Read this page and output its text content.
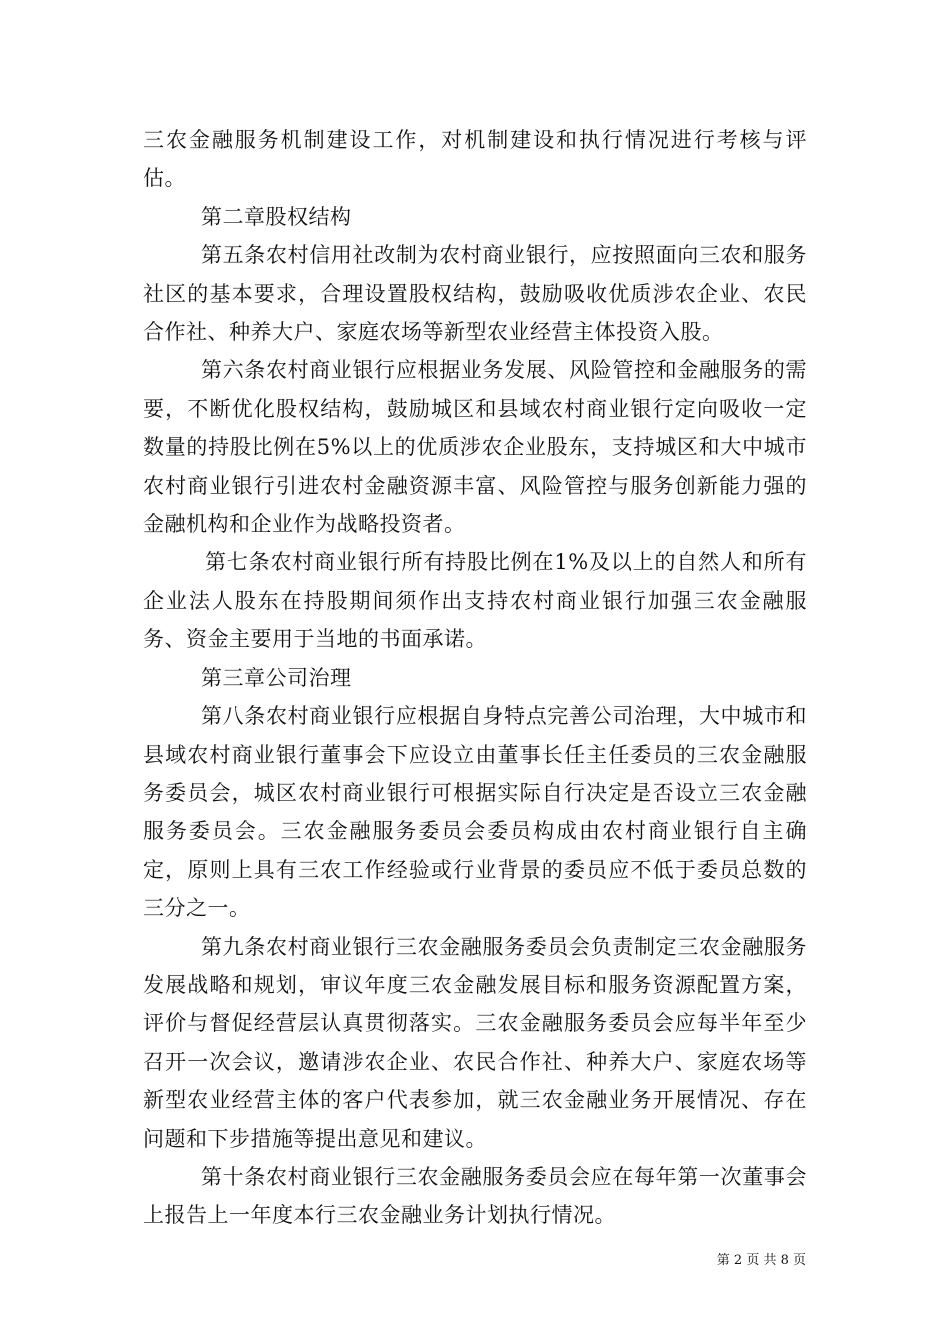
三农金融服务机制建设工作，对机制建设和执行情况进行考核与评估。

第二章股权结构

第五条农村信用社改制为农村商业银行，应按照面向三农和服务社区的基本要求，合理设置股权结构，鼓励吸收优质涉农企业、农民合作社、种养大户、家庭农场等新型农业经营主体投资入股。

第六条农村商业银行应根据业务发展、风险管控和金融服务的需要，不断优化股权结构，鼓励城区和县域农村商业银行定向吸收一定数量的持股比例在5%以上的优质涉农企业股东，支持城区和大中城市农村商业银行引进农村金融资源丰富、风险管控与服务创新能力强的金融机构和企业作为战略投资者。

第七条农村商业银行所有持股比例在1%及以上的自然人和所有企业法人股东在持股期间须作出支持农村商业银行加强三农金融服务、资金主要用于当地的书面承诺。

第三章公司治理

第八条农村商业银行应根据自身特点完善公司治理，大中城市和县域农村商业银行董事会下应设立由董事长任主任委员的三农金融服务委员会，城区农村商业银行可根据实际自行决定是否设立三农金融服务委员会。三农金融服务委员会委员构成由农村商业银行自主确定，原则上具有三农工作经验或行业背景的委员应不低于委员总数的三分之一。

第九条农村商业银行三农金融服务委员会负责制定三农金融服务发展战略和规划，审议年度三农金融发展目标和服务资源配置方案，评价与督促经营层认真贯彻落实。三农金融服务委员会应每半年至少召开一次会议，邀请涉农企业、农民合作社、种养大户、家庭农场等新型农业经营主体的客户代表参加，就三农金融业务开展情况、存在问题和下步措施等提出意见和建议。

第十条农村商业银行三农金融服务委员会应在每年第一次董事会上报告上一年度本行三农金融业务计划执行情况。

第 2 页 共 8 页
